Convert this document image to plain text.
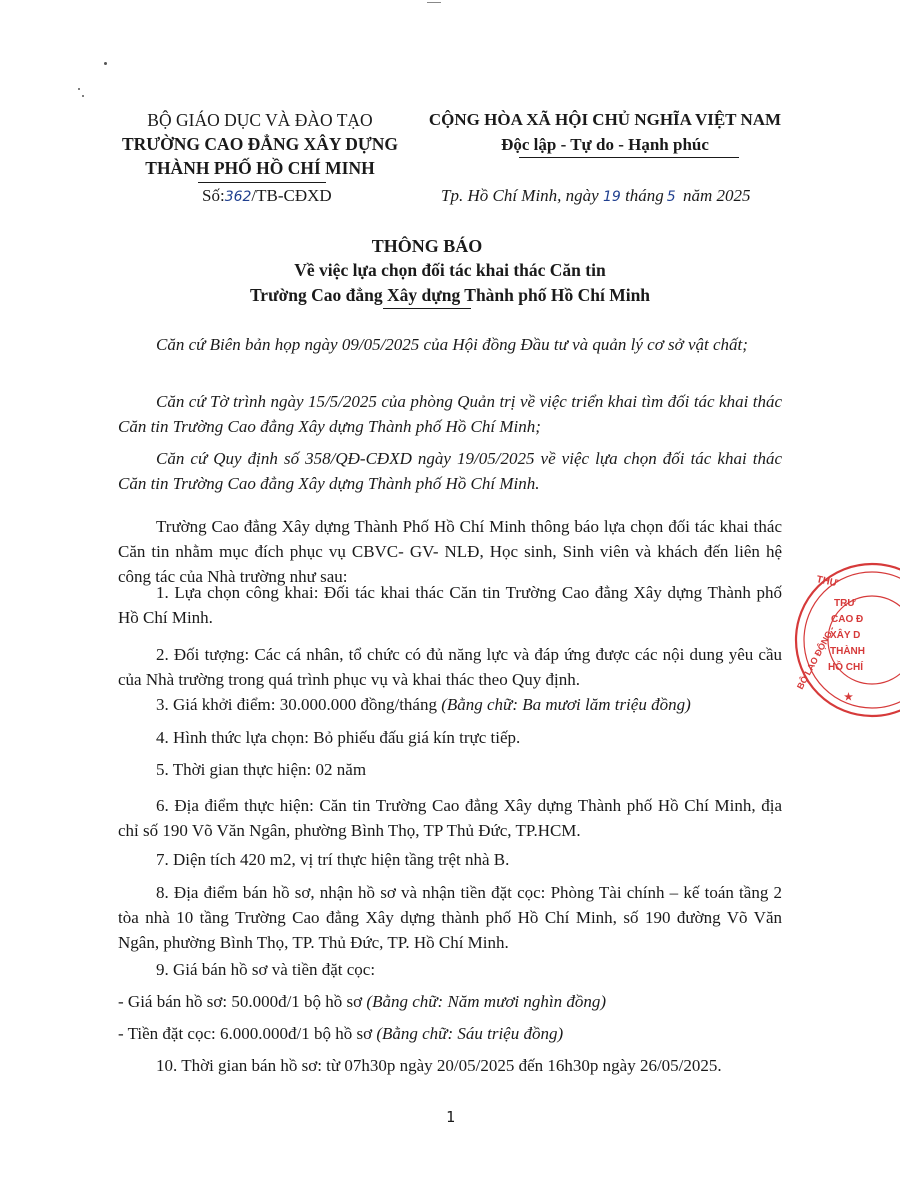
BỘ GIÁO DỤC VÀ ĐÀO TẠO
TRƯỜNG CAO ĐẲNG XÂY DỰNG
THÀNH PHỐ HỒ CHÍ MINH
Số:362/TB-CĐXD
CỘNG HÒA XÃ HỘI CHỦ NGHĨA VIỆT NAM
Độc lập - Tự do - Hạnh phúc
Tp. Hồ Chí Minh, ngày 19 tháng 5 năm 2025
THÔNG BÁO
Về việc lựa chọn đối tác khai thác Căn tin
Trường Cao đẳng Xây dựng Thành phố Hồ Chí Minh
Căn cứ Biên bản họp ngày 09/05/2025 của Hội đồng Đầu tư và quản lý cơ sở vật chất;
Căn cứ Tờ trình ngày 15/5/2025 của phòng Quản trị về việc triển khai tìm đối tác khai thác Căn tin Trường Cao đẳng Xây dựng Thành phố Hồ Chí Minh;
Căn cứ Quy định số 358/QĐ-CĐXD ngày 19/05/2025 về việc lựa chọn đối tác khai thác Căn tin Trường Cao đẳng Xây dựng Thành phố Hồ Chí Minh.
Trường Cao đẳng Xây dựng Thành Phố Hồ Chí Minh thông báo lựa chọn đối tác khai thác Căn tin nhằm mục đích phục vụ CBVC- GV- NLĐ, Học sinh, Sinh viên và khách đến liên hệ công tác của Nhà trường như sau:
1. Lựa chọn công khai: Đối tác khai thác Căn tin Trường Cao đẳng Xây dựng Thành phố Hồ Chí Minh.
2. Đối tượng: Các cá nhân, tổ chức có đủ năng lực và đáp ứng được các nội dung yêu cầu của Nhà trường trong quá trình phục vụ và khai thác theo Quy định.
3. Giá khởi điểm: 30.000.000 đồng/tháng (Bằng chữ: Ba mươi lăm triệu đồng)
4. Hình thức lựa chọn: Bỏ phiếu đấu giá kín trực tiếp.
5. Thời gian thực hiện: 02 năm
6. Địa điểm thực hiện: Căn tin Trường Cao đẳng Xây dựng Thành phố Hồ Chí Minh, địa chỉ số 190 Võ Văn Ngân, phường Bình Thọ, TP Thủ Đức, TP.HCM.
7. Diện tích 420 m2, vị trí thực hiện tầng trệt nhà B.
8. Địa điểm bán hồ sơ, nhận hồ sơ và nhận tiền đặt cọc: Phòng Tài chính – kế toán tầng 2 tòa nhà 10 tầng Trường Cao đẳng Xây dựng thành phố Hồ Chí Minh, số 190 đường Võ Văn Ngân, phường Bình Thọ, TP. Thủ Đức, TP. Hồ Chí Minh.
9. Giá bán hồ sơ và tiền đặt cọc:
- Giá bán hồ sơ: 50.000đ/1 bộ hồ sơ (Bằng chữ: Năm mươi nghìn đồng)
- Tiền đặt cọc: 6.000.000đ/1 bộ hồ sơ (Bằng chữ: Sáu triệu đồng)
10. Thời gian bán hồ sơ: từ 07h30p ngày 20/05/2025 đến 16h30p ngày 26/05/2025.
1
THƯ
TRƯ
CAO Đ
XÂY D
THÀNH
HỒ CHÍ
BỘ LAO ĐỘNG -
★
